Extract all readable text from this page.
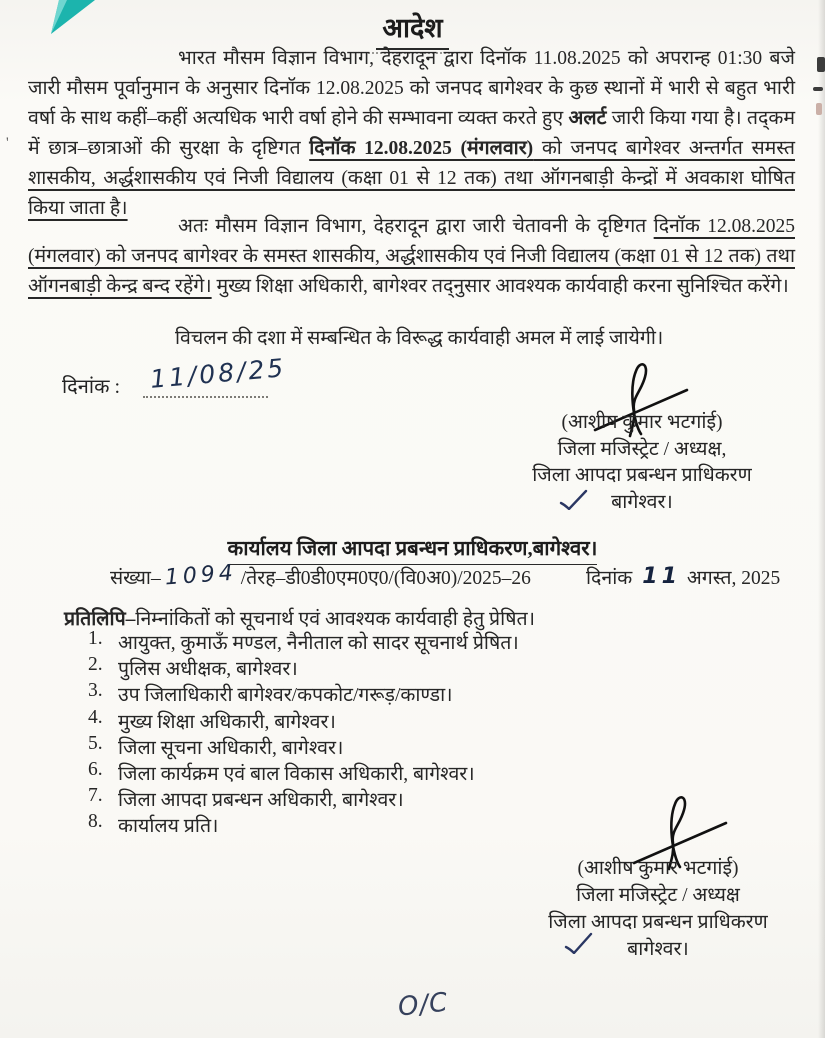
'
आदेश

भारत मौसम विज्ञान विभाग, देहरादून द्वारा दिनॉक 11.08.2025 को अपरान्ह 01:30 बजे जारी मौसम पूर्वानुमान के अनुसार दिनॉक 12.08.2025 को जनपद बागेश्वर के कुछ स्थानों में भारी से बहुत भारी वर्षा के साथ कहीं–कहीं अत्यधिक भारी वर्षा होने की सम्भावना व्यक्त करते हुए अलर्ट जारी किया गया है। तद्कम में छात्र–छात्राओं की सुरक्षा के दृष्टिगत दिनॉक 12.08.2025 (मंगलवार) को जनपद बागेश्वर अन्तर्गत समस्त शासकीय, अर्द्धशासकीय एवं निजी विद्यालय (कक्षा 01 से 12 तक) तथा ऑगनबाड़ी केन्द्रों में अवकाश घोषित किया जाता है।

अतः मौसम विज्ञान विभाग, देहरादून द्वारा जारी चेतावनी के दृष्टिगत दिनॉक 12.08.2025 (मंगलवार) को जनपद बागेश्वर के समस्त शासकीय, अर्द्धशासकीय एवं निजी विद्यालय (कक्षा 01 से 12 तक) तथा ऑगनबाड़ी केन्द्र बन्द रहेंगे। मुख्य शिक्षा अधिकारी, बागेश्वर तद्नुसार आवश्यक कार्यवाही करना सुनिश्चित करेंगे।

विचलन की दशा में सम्बन्धित के विरूद्ध कार्यवाही अमल में लाई जायेगी।

दिनांक : 11/08/25
(आशीष कुमार भटगांई)
जिला मजिस्ट्रेट / अध्यक्ष,
जिला आपदा प्रबन्धन प्राधिकरण
बागेश्वर।
कार्यालय जिला आपदा प्रबन्धन प्राधिकरण,बागेश्वर।
संख्या– 1094 /तेरह–डी0डी0एम0ए0/(वि0अ0)/2025–26	दिनांक 11 अगस्त, 2025
प्रतिलिपि–निम्नांकितों को सूचनार्थ एवं आवश्यक कार्यवाही हेतु प्रेषित।
1. आयुक्त, कुमाऊँ मण्डल, नैनीताल को सादर सूचनार्थ प्रेषित।
2. पुलिस अधीक्षक, बागेश्वर।
3. उप जिलाधिकारी बागेश्वर/कपकोट/गरूड़/काण्डा।
4. मुख्य शिक्षा अधिकारी, बागेश्वर।
5. जिला सूचना अधिकारी, बागेश्वर।
6. जिला कार्यक्रम एवं बाल विकास अधिकारी, बागेश्वर।
7. जिला आपदा प्रबन्धन अधिकारी, बागेश्वर।
8. कार्यालय प्रति।
(आशीष कुमार भटगांई)
जिला मजिस्ट्रेट / अध्यक्ष
जिला आपदा प्रबन्धन प्राधिकरण
बागेश्वर।
O/C
